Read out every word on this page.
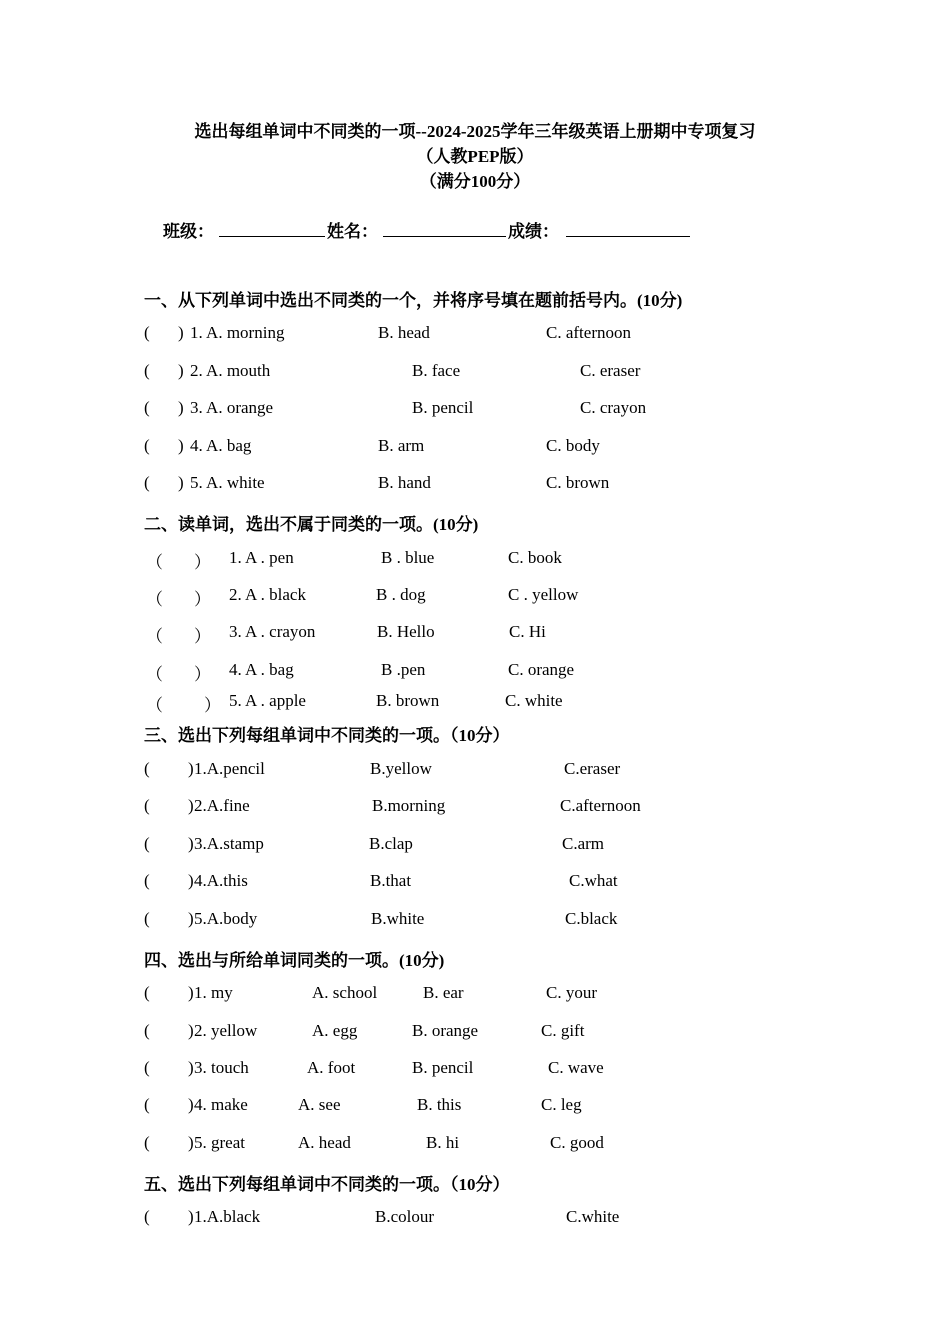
选出每组单词中不同类的一项--2024-2025学年三年级英语上册期中专项复习
（人教PEP版）
（满分100分）
班级：	姓名：	成绩：
一、从下列单词中选出不同类的一个，并将序号填在题前括号内。(10分)
( ) 1. A. morning	B. head	C. afternoon
( ) 2. A. mouth	B. face	C. eraser
( ) 3. A. orange	B. pencil	C. crayon
( ) 4. A. bag	B. arm	C. body
( ) 5. A. white	B. hand	C. brown
二、读单词，选出不属于同类的一项。(10分)
（ ） 1. A . pen	B . blue	C. book
（ ） 2. A . black	B . dog	C . yellow
（ ） 3. A . crayon	B. Hello	C. Hi
（ ） 4. A . bag	B .pen	C. orange
（ ） 5. A . apple	B. brown	C. white
三、选出下列每组单词中不同类的一项。（10分）
( ) 1.A.pencil	B.yellow	C.eraser
( ) 2.A.fine	B.morning	C.afternoon
( ) 3.A.stamp	B.clap	C.arm
( ) 4.A.this	B.that	C.what
( ) 5.A.body	B.white	C.black
四、选出与所给单词同类的一项。(10分)
( ) 1. my	A. school	B. ear	C. your
( ) 2. yellow	A. egg	B. orange	C. gift
( ) 3. touch	A. foot	B. pencil	C. wave
( ) 4. make	A. see	B. this	C. leg
( ) 5. great	A. head	B. hi	C. good
五、选出下列每组单词中不同类的一项。（10分）
( ) 1.A.black	B.colour	C.white
